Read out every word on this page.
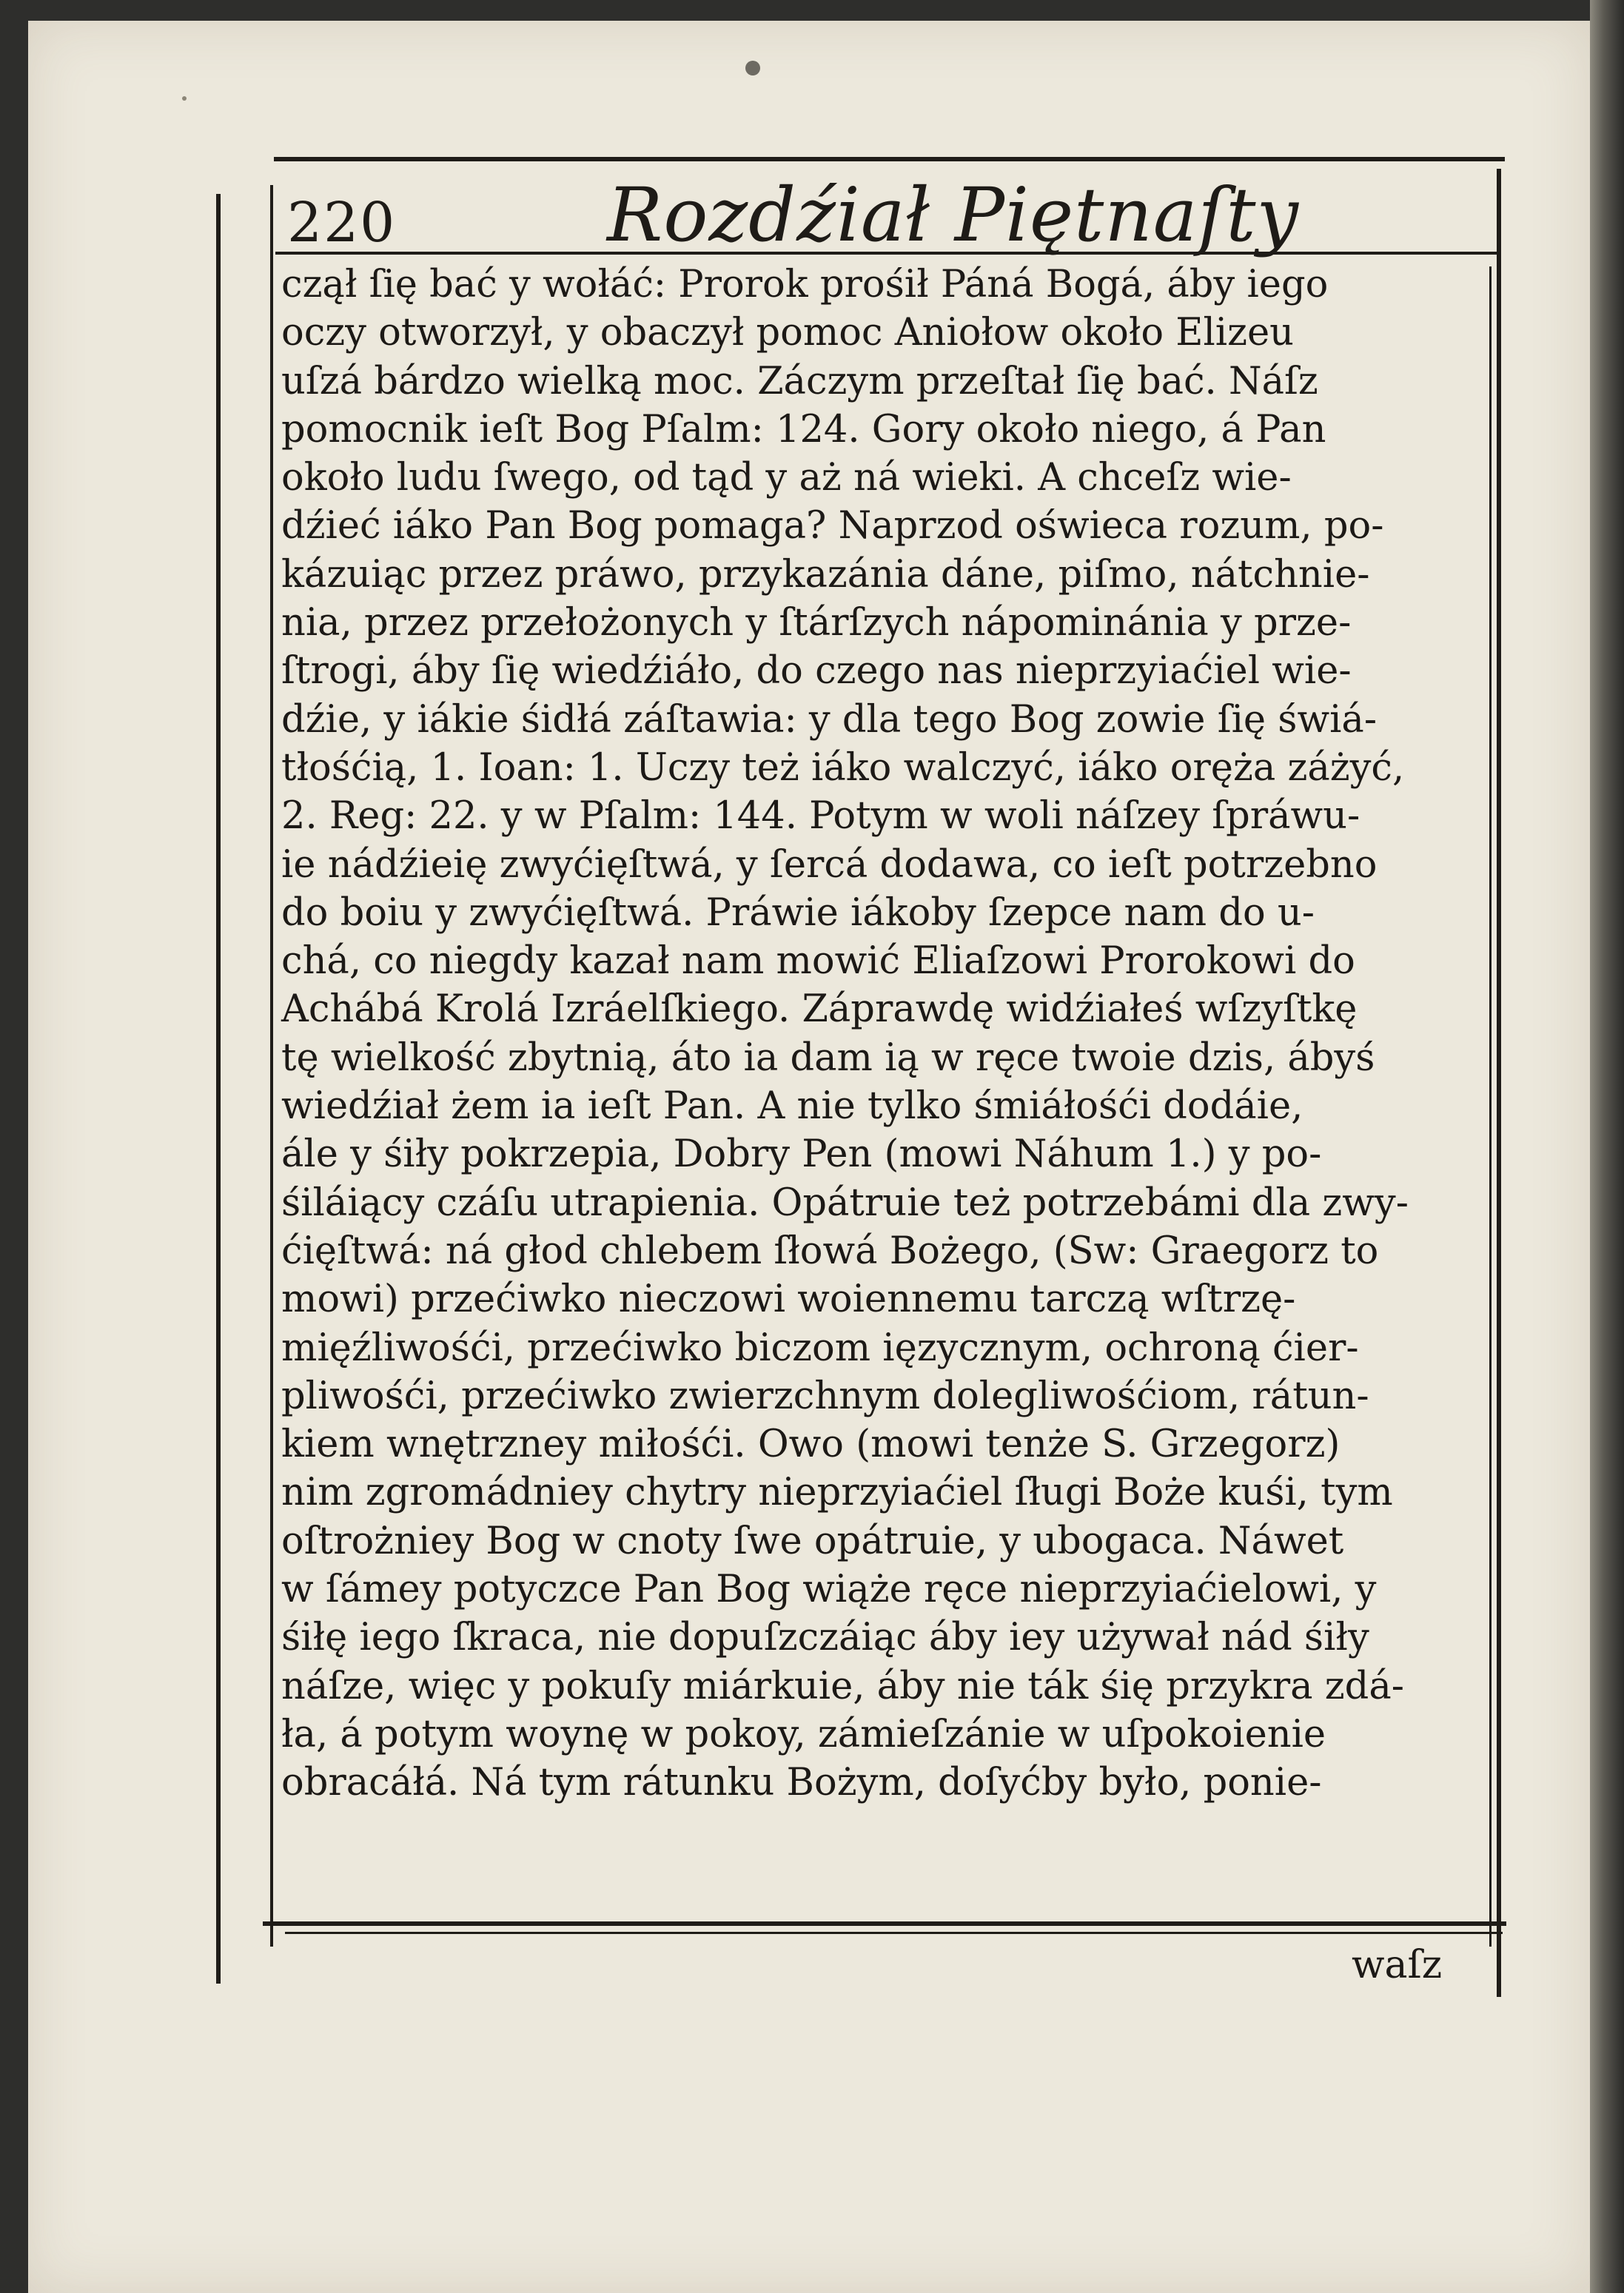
220	Rozdźiał Piętnaſty
czął ſię bać y wołáć: Prorok prośił Páná Bogá, áby iego
oczy otworzył, y obaczył pomoc Aniołow około Elizeu
uſzá bárdzo wielką moc. Záczym przeſtał ſię bać. Náſz
pomocnik ieſt Bog Pſalm: 124. Gory około niego, á Pan
około ludu ſwego, od tąd y aż ná wieki. A chceſz wie-
dźieć iáko Pan Bog pomaga? Naprzod oświeca rozum, po-
kázuiąc przez práwo, przykazánia dáne, piſmo, nátchnie-
nia, przez przełożonych y ſtárſzych nápominánia y prze-
ſtrogi, áby ſię wiedźiáło, do czego nas nieprzyiaćiel wie-
dźie, y iákie śidłá záſtawia: y dla tego Bog zowie ſię świá-
tłośćią, 1. Ioan: 1. Uczy też iáko walczyć, iáko oręża záżyć,
2. Reg: 22. y w Pſalm: 144. Potym w woli náſzey ſpráwu-
ie nádźieię zwyćięſtwá, y ſercá dodawa, co ieſt potrzebno
do boiu y zwyćięſtwá. Práwie iákoby ſzepce nam do u-
chá, co niegdy kazał nam mowić Eliaſzowi Prorokowi do
Achábá Krolá Izráelſkiego. Záprawdę widźiałeś wſzyſtkę
tę wielkość zbytnią, áto ia dam ią w ręce twoie dzis, ábyś
wiedźiał żem ia ieſt Pan. A nie tylko śmiáłośći dodáie,
ále y śiły pokrzepia, Dobry Pen (mowi Náhum 1.) y po-
śiláiący czáſu utrapienia. Opátruie też potrzebámi dla zwy-
ćięſtwá: ná głod chlebem ſłowá Bożego, (Sw: Graegorz to
mowi) przećiwko nieczowi woiennemu tarczą wſtrzę-
mięźliwośći, przećiwko biczom ięzycznym, ochroną ćier-
pliwośći, przećiwko zwierzchnym dolegliwośćiom, rátun-
kiem wnętrzney miłośći. Owo (mowi tenże S. Grzegorz)
nim zgromádniey chytry nieprzyiaćiel ſługi Boże kuśi, tym
oſtrożniey Bog w cnoty ſwe opátruie, y ubogaca. Náwet
w ſámey potyczce Pan Bog wiąże ręce nieprzyiaćielowi, y
śiłę iego ſkraca, nie dopuſzczáiąc áby iey używał nád śiły
náſze, więc y pokuſy miárkuie, áby nie ták śię przykra zdá-
ła, á potym woynę w pokoy, zámieſzánie w uſpokoienie
obracáłá. Ná tym rátunku Bożym, doſyćby było, ponie-
waſz
